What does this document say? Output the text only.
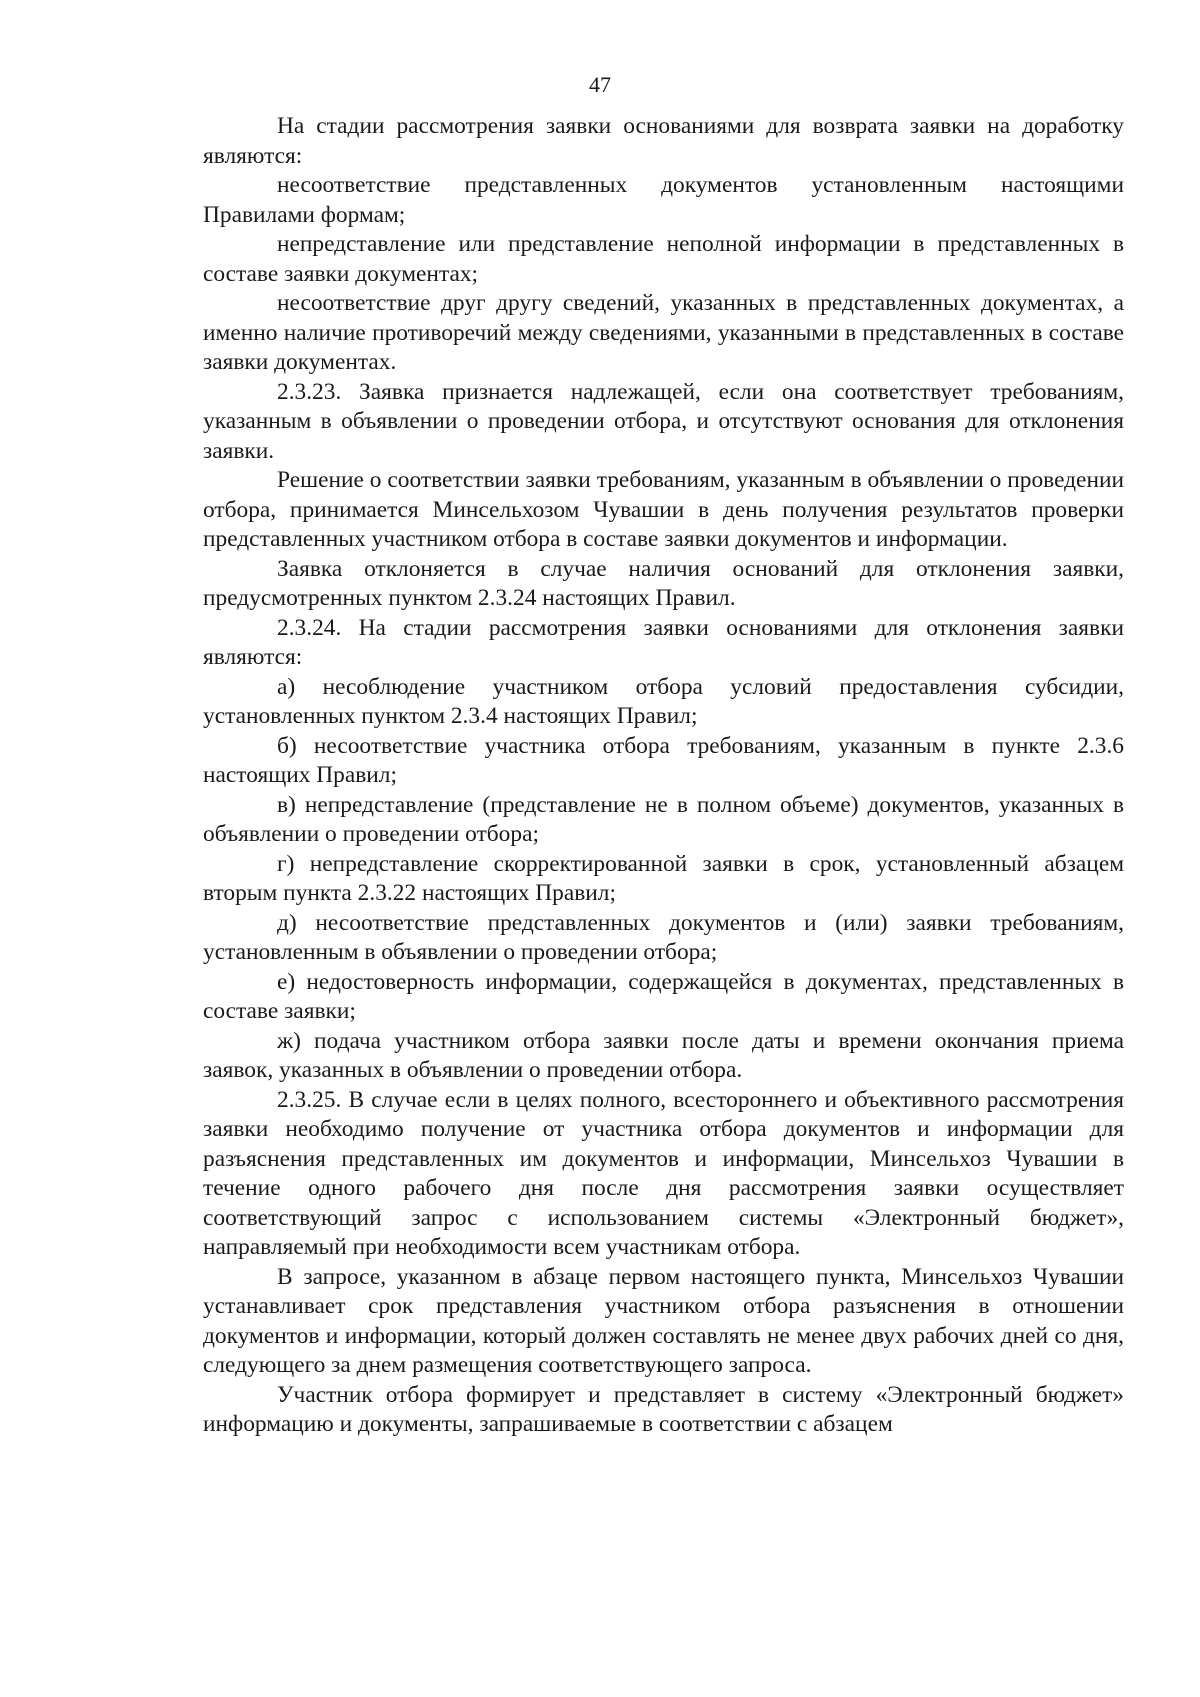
47

На стадии рассмотрения заявки основаниями для возврата заявки на доработку являются:

несоответствие представленных документов установленным настоящими Правилами формам;

непредставление или представление неполной информации в представленных в составе заявки документах;

несоответствие друг другу сведений, указанных в представленных документах, а именно наличие противоречий между сведениями, указанными в представленных в составе заявки документах.

2.3.23. Заявка признается надлежащей, если она соответствует требованиям, указанным в объявлении о проведении отбора, и отсутствуют основания для отклонения заявки.

Решение о соответствии заявки требованиям, указанным в объявлении о проведении отбора, принимается Минсельхозом Чувашии в день получения результатов проверки представленных участником отбора в составе заявки документов и информации.

Заявка отклоняется в случае наличия оснований для отклонения заявки, предусмотренных пунктом 2.3.24 настоящих Правил.

2.3.24. На стадии рассмотрения заявки основаниями для отклонения заявки являются:

а) несоблюдение участником отбора условий предоставления субсидии, установленных пунктом 2.3.4 настоящих Правил;

б) несоответствие участника отбора требованиям, указанным в пункте 2.3.6 настоящих Правил;

в) непредставление (представление не в полном объеме) документов, указанных в объявлении о проведении отбора;

г) непредставление скорректированной заявки в срок, установленный абзацем вторым пункта 2.3.22 настоящих Правил;

д) несоответствие представленных документов и (или) заявки требованиям, установленным в объявлении о проведении отбора;

е) недостоверность информации, содержащейся в документах, представленных в составе заявки;

ж) подача участником отбора заявки после даты и времени окончания приема заявок, указанных в объявлении о проведении отбора.

2.3.25. В случае если в целях полного, всестороннего и объективного рассмотрения заявки необходимо получение от участника отбора документов и информации для разъяснения представленных им документов и информации, Минсельхоз Чувашии в течение одного рабочего дня после дня рассмотрения заявки осуществляет соответствующий запрос с использованием системы «Электронный бюджет», направляемый при необходимости всем участникам отбора.

В запросе, указанном в абзаце первом настоящего пункта, Минсельхоз Чувашии устанавливает срок представления участником отбора разъяснения в отношении документов и информации, который должен составлять не менее двух рабочих дней со дня, следующего за днем размещения соответствующего запроса.

Участник отбора формирует и представляет в систему «Электронный бюджет» информацию и документы, запрашиваемые в соответствии с абзацем
